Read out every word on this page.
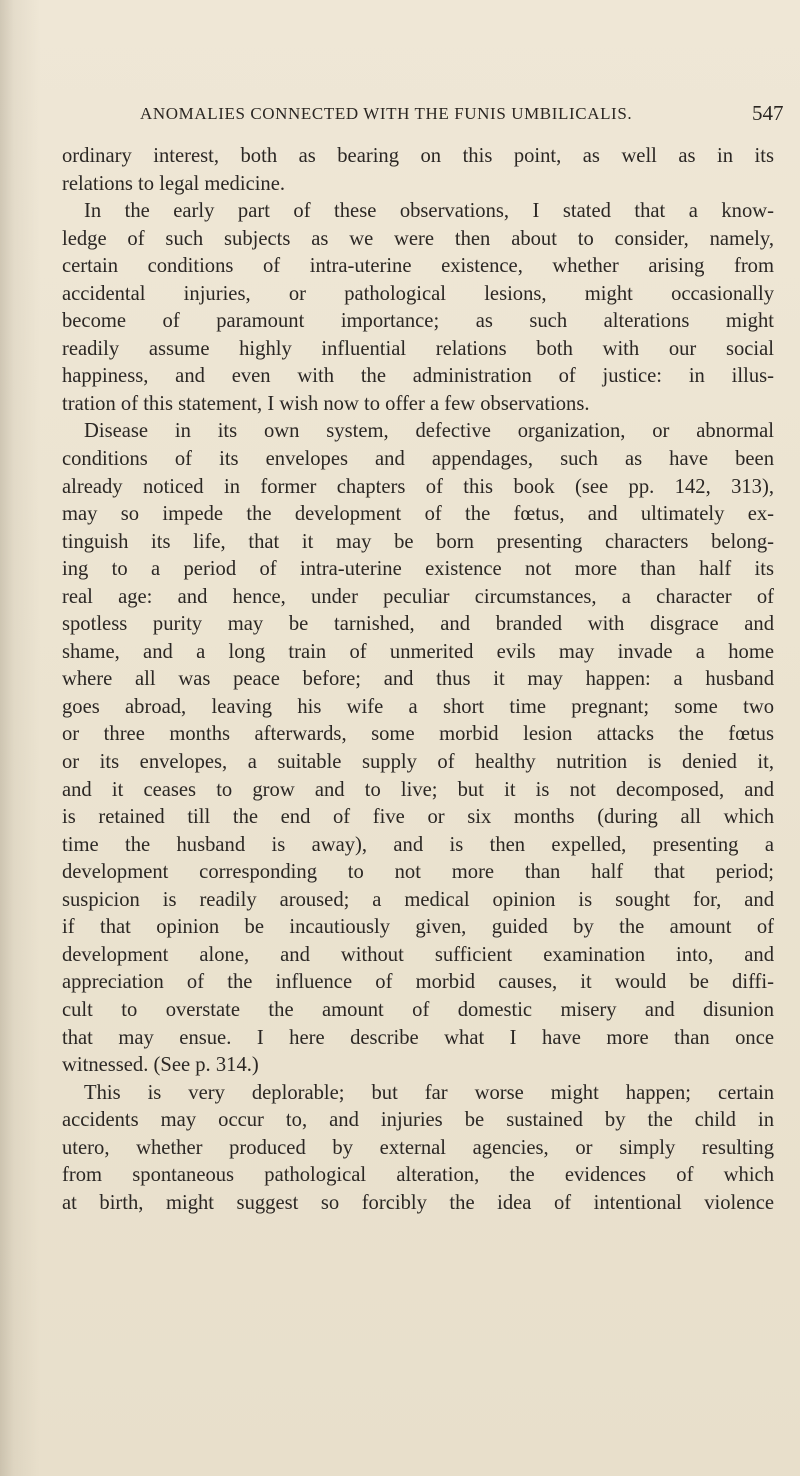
ANOMALIES CONNECTED WITH THE FUNIS UMBILICALIS.	547
ordinary interest, both as bearing on this point, as well as in its
relations to legal medicine.
In the early part of these observations, I stated that a know-
ledge of such subjects as we were then about to consider, namely,
certain conditions of intra-uterine existence, whether arising from
accidental injuries, or pathological lesions, might occasionally
become of paramount importance; as such alterations might
readily assume highly influential relations both with our social
happiness, and even with the administration of justice: in illus-
tration of this statement, I wish now to offer a few observations.
Disease in its own system, defective organization, or abnormal
conditions of its envelopes and appendages, such as have been
already noticed in former chapters of this book (see pp. 142, 313),
may so impede the development of the fœtus, and ultimately ex-
tinguish its life, that it may be born presenting characters belong-
ing to a period of intra-uterine existence not more than half its
real age: and hence, under peculiar circumstances, a character of
spotless purity may be tarnished, and branded with disgrace and
shame, and a long train of unmerited evils may invade a home
where all was peace before; and thus it may happen: a husband
goes abroad, leaving his wife a short time pregnant; some two
or three months afterwards, some morbid lesion attacks the fœtus
or its envelopes, a suitable supply of healthy nutrition is denied it,
and it ceases to grow and to live; but it is not decomposed, and
is retained till the end of five or six months (during all which
time the husband is away), and is then expelled, presenting a
development corresponding to not more than half that period;
suspicion is readily aroused; a medical opinion is sought for, and
if that opinion be incautiously given, guided by the amount of
development alone, and without sufficient examination into, and
appreciation of the influence of morbid causes, it would be diffi-
cult to overstate the amount of domestic misery and disunion
that may ensue. I here describe what I have more than once
witnessed. (See p. 314.)
This is very deplorable; but far worse might happen; certain
accidents may occur to, and injuries be sustained by the child in
utero, whether produced by external agencies, or simply resulting
from spontaneous pathological alteration, the evidences of which
at birth, might suggest so forcibly the idea of intentional violence
